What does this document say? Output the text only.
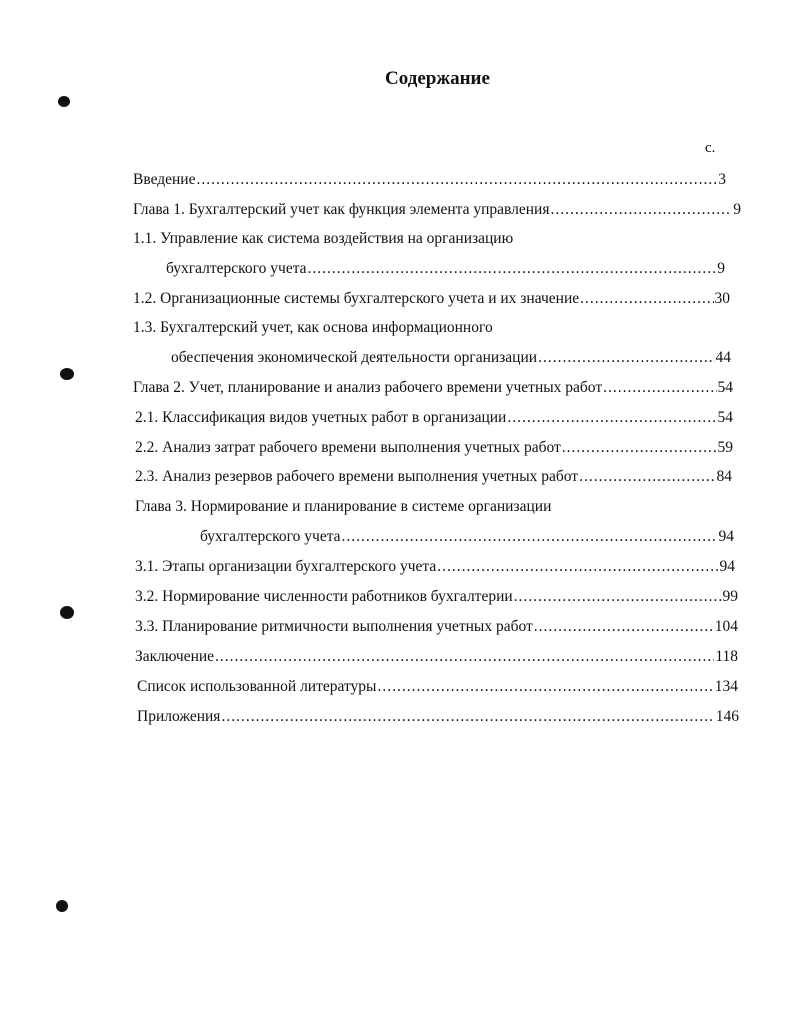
Содержание
с.
Введение .....	3
Глава 1. Бухгалтерский учет как функция элемента управления .....	9
1.1. Управление как система воздействия на организацию
бухгалтерского учета .....	9
1.2. Организационные системы бухгалтерского учета и их значение .....	30
1.3. Бухгалтерский учет, как основа информационного
обеспечения экономической деятельности организации .....	44
Глава 2. Учет, планирование и анализ рабочего времени учетных работ .....	54
2.1. Классификация видов учетных работ в организации .....	54
2.2. Анализ затрат рабочего времени выполнения учетных работ .....	59
2.3. Анализ резервов рабочего времени выполнения учетных работ .....	84
Глава 3. Нормирование и планирование в системе организации
бухгалтерского учета .....	94
3.1. Этапы организации бухгалтерского учета .....	94
3.2. Нормирование численности работников бухгалтерии .....	99
3.3. Планирование ритмичности выполнения учетных работ .....	104
Заключение .....	118
Список использованной литературы .....	134
Приложения .....	146
